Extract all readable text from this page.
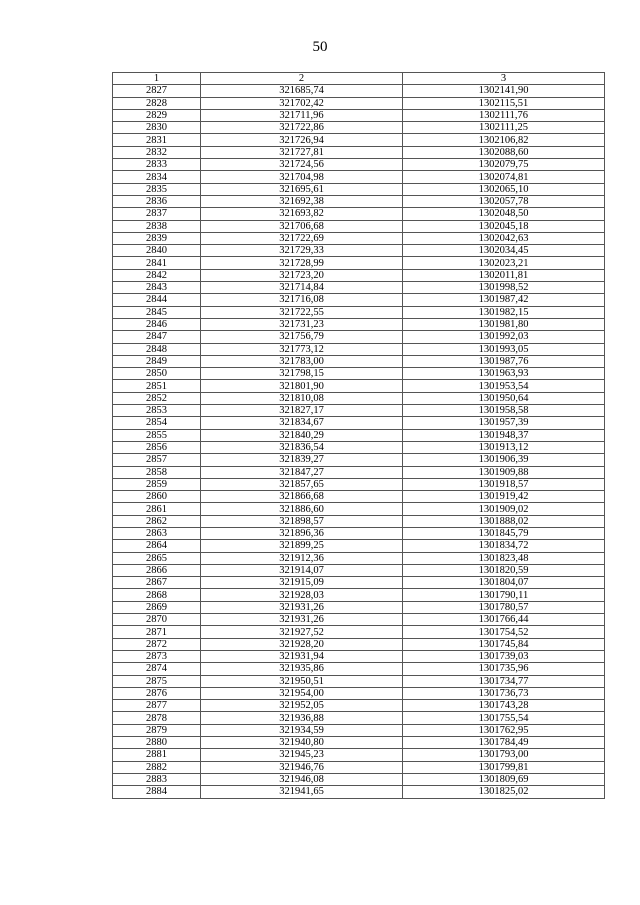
50
1	2	3
2827	321685,74	1302141,90
2828	321702,42	1302115,51
2829	321711,96	1302111,76
2830	321722,86	1302111,25
2831	321726,94	1302106,82
2832	321727,81	1302088,60
2833	321724,56	1302079,75
2834	321704,98	1302074,81
2835	321695,61	1302065,10
2836	321692,38	1302057,78
2837	321693,82	1302048,50
2838	321706,68	1302045,18
2839	321722,69	1302042,63
2840	321729,33	1302034,45
2841	321728,99	1302023,21
2842	321723,20	1302011,81
2843	321714,84	1301998,52
2844	321716,08	1301987,42
2845	321722,55	1301982,15
2846	321731,23	1301981,80
2847	321756,79	1301992,03
2848	321773,12	1301993,05
2849	321783,00	1301987,76
2850	321798,15	1301963,93
2851	321801,90	1301953,54
2852	321810,08	1301950,64
2853	321827,17	1301958,58
2854	321834,67	1301957,39
2855	321840,29	1301948,37
2856	321836,54	1301913,12
2857	321839,27	1301906,39
2858	321847,27	1301909,88
2859	321857,65	1301918,57
2860	321866,68	1301919,42
2861	321886,60	1301909,02
2862	321898,57	1301888,02
2863	321896,36	1301845,79
2864	321899,25	1301834,72
2865	321912,36	1301823,48
2866	321914,07	1301820,59
2867	321915,09	1301804,07
2868	321928,03	1301790,11
2869	321931,26	1301780,57
2870	321931,26	1301766,44
2871	321927,52	1301754,52
2872	321928,20	1301745,84
2873	321931,94	1301739,03
2874	321935,86	1301735,96
2875	321950,51	1301734,77
2876	321954,00	1301736,73
2877	321952,05	1301743,28
2878	321936,88	1301755,54
2879	321934,59	1301762,95
2880	321940,80	1301784,49
2881	321945,23	1301793,00
2882	321946,76	1301799,81
2883	321946,08	1301809,69
2884	321941,65	1301825,02
